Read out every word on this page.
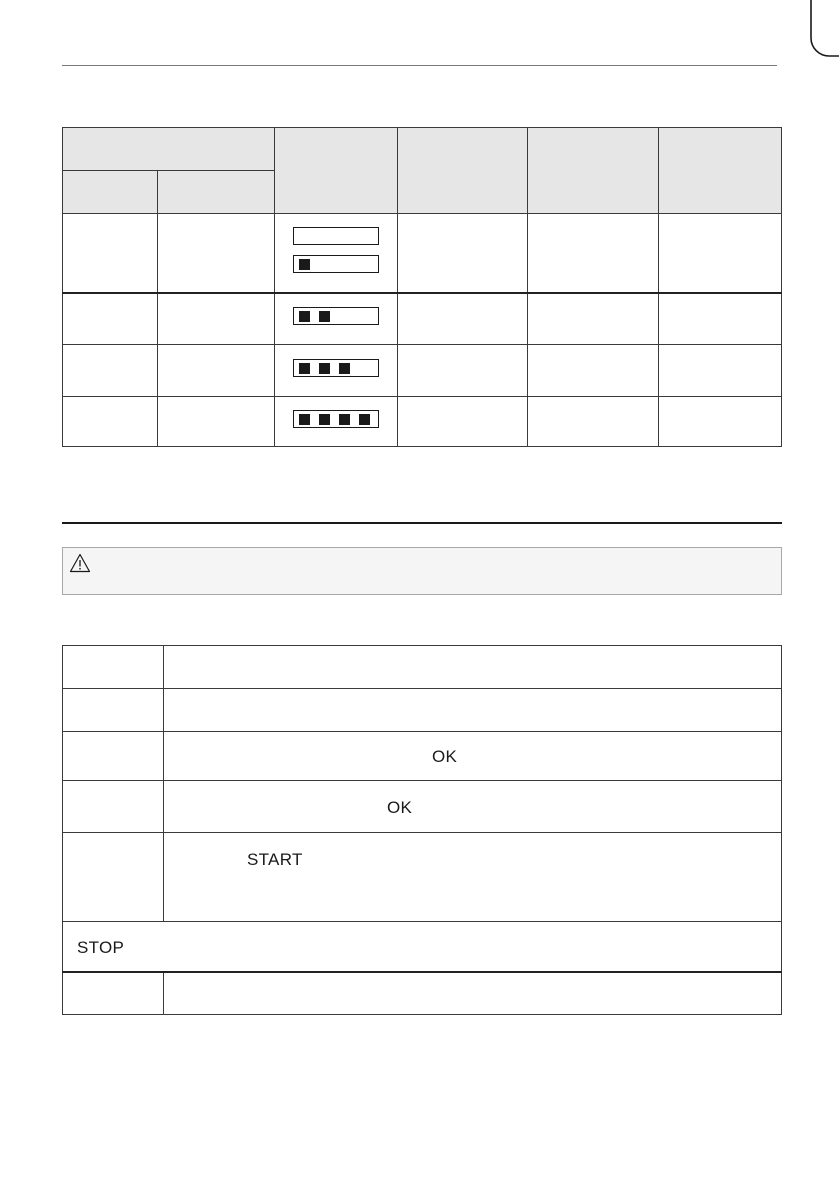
OK
OK
START
STOP
